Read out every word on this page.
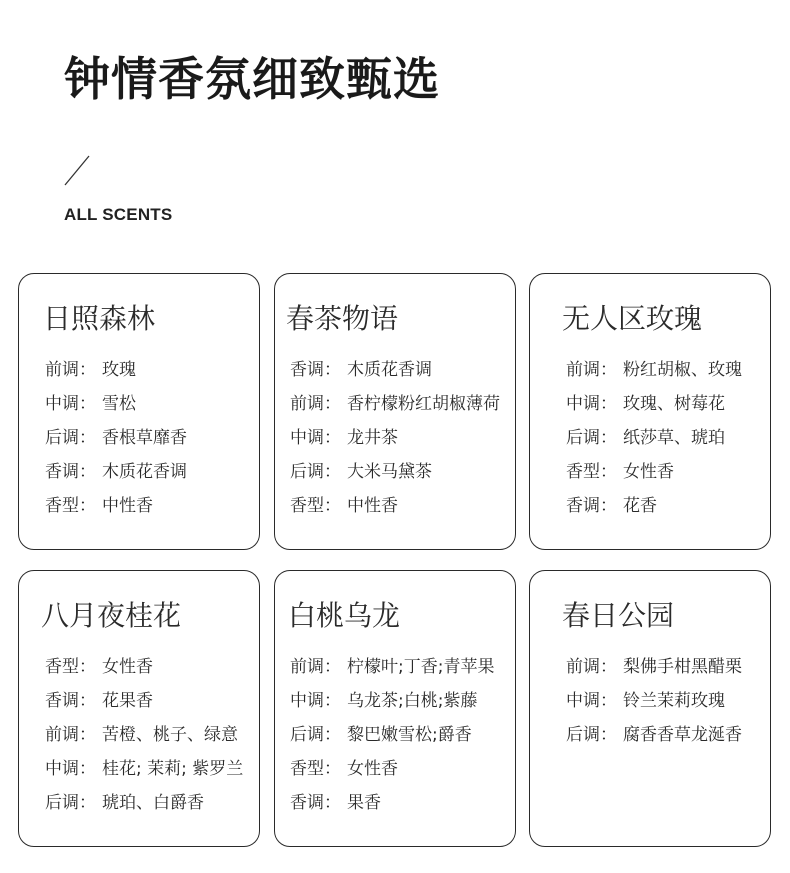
钟情香氛细致甄选
ALL SCENTS
日照森林
前调： 玫瑰
中调： 雪松
后调： 香根草靡香
香调： 木质花香调
香型： 中性香
春茶物语
香调： 木质花香调
前调： 香柠檬粉红胡椒薄荷
中调： 龙井茶
后调： 大米马黛茶
香型： 中性香
无人区玫瑰
前调： 粉红胡椒、玫瑰
中调： 玫瑰、树莓花
后调： 纸莎草、琥珀
香型： 女性香
香调： 花香
八月夜桂花
香型： 女性香
香调： 花果香
前调： 苦橙、桃子、绿意
中调： 桂花; 茉莉; 紫罗兰
后调： 琥珀、白爵香
白桃乌龙
前调： 柠檬叶;丁香;青苹果
中调： 乌龙茶;白桃;紫藤
后调： 黎巴嫩雪松;爵香
香型： 女性香
香调： 果香
春日公园
前调： 梨佛手柑黑醋栗
中调： 铃兰茉莉玫瑰
后调： 腐香香草龙涎香
